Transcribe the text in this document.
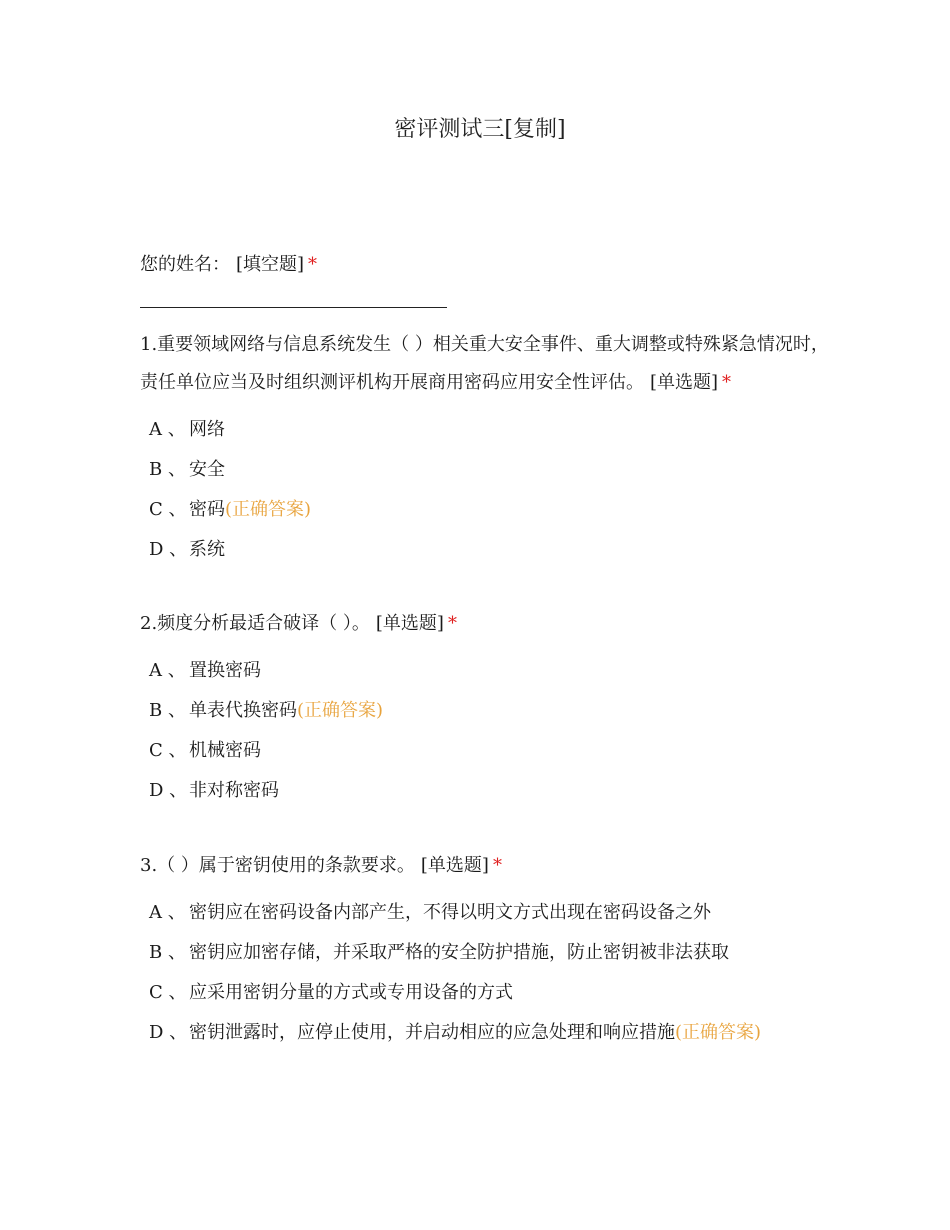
密评测试三[复制]
您的姓名： [填空题] *
1.重要领域网络与信息系统发生（ ）相关重大安全事件、重大调整或特殊紧急情况时，责任单位应当及时组织测评机构开展商用密码应用安全性评估。 [单选题] *
A 、 网络
B 、 安全
C 、 密码 (正确答案)
D 、 系统
2.频度分析最适合破译（ ）。 [单选题] *
A 、 置换密码
B 、 单表代换密码 (正确答案)
C 、 机械密码
D 、 非对称密码
3.（ ）属于密钥使用的条款要求。 [单选题] *
A 、 密钥应在密码设备内部产生，不得以明文方式出现在密码设备之外
B 、 密钥应加密存储，并采取严格的安全防护措施，防止密钥被非法获取
C 、 应采用密钥分量的方式或专用设备的方式
D 、 密钥泄露时，应停止使用，并启动相应的应急处理和响应措施 (正确答案)
